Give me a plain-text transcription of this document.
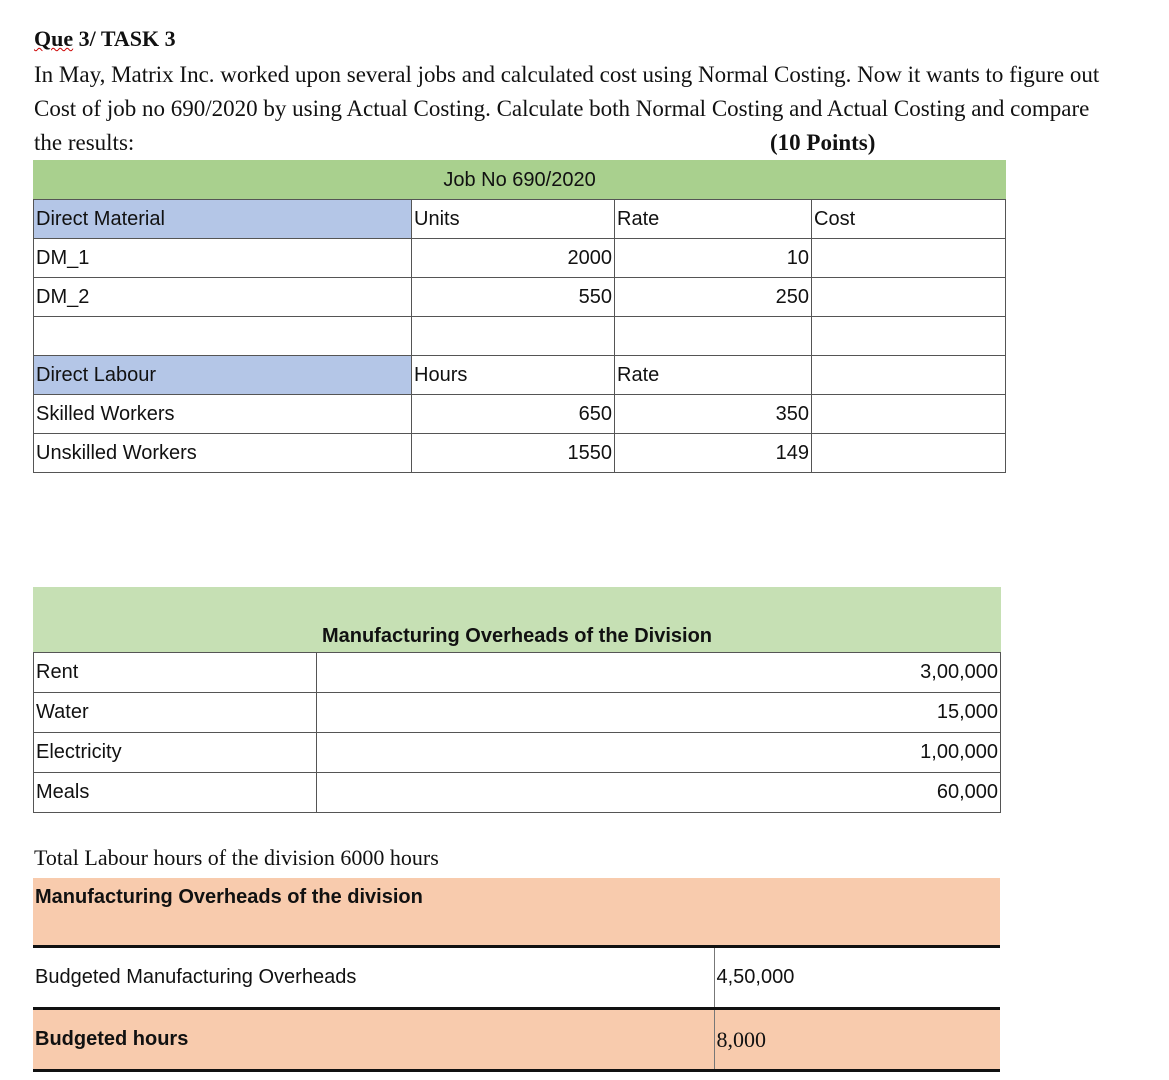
Que 3/ TASK 3
In May, Matrix Inc. worked upon several jobs and calculated cost using Normal Costing. Now it wants to figure out Cost of job no 690/2020 by using Actual Costing. Calculate both Normal Costing and Actual Costing and compare the results:	(10 Points)
Job No 690/2020			
Direct Material	Units	Rate	Cost
DM_1	2000	10	
DM_2	550	250	

Direct Labour	Hours	Rate	
Skilled Workers	650	350	
Unskilled Workers	1550	149	
Manufacturing Overheads of the Division	
Rent	3,00,000
Water	15,000
Electricity	1,00,000
Meals	60,000
Total Labour hours of the division 6000 hours
Manufacturing Overheads of the division	
Budgeted Manufacturing Overheads	4,50,000
Budgeted hours	8,000
